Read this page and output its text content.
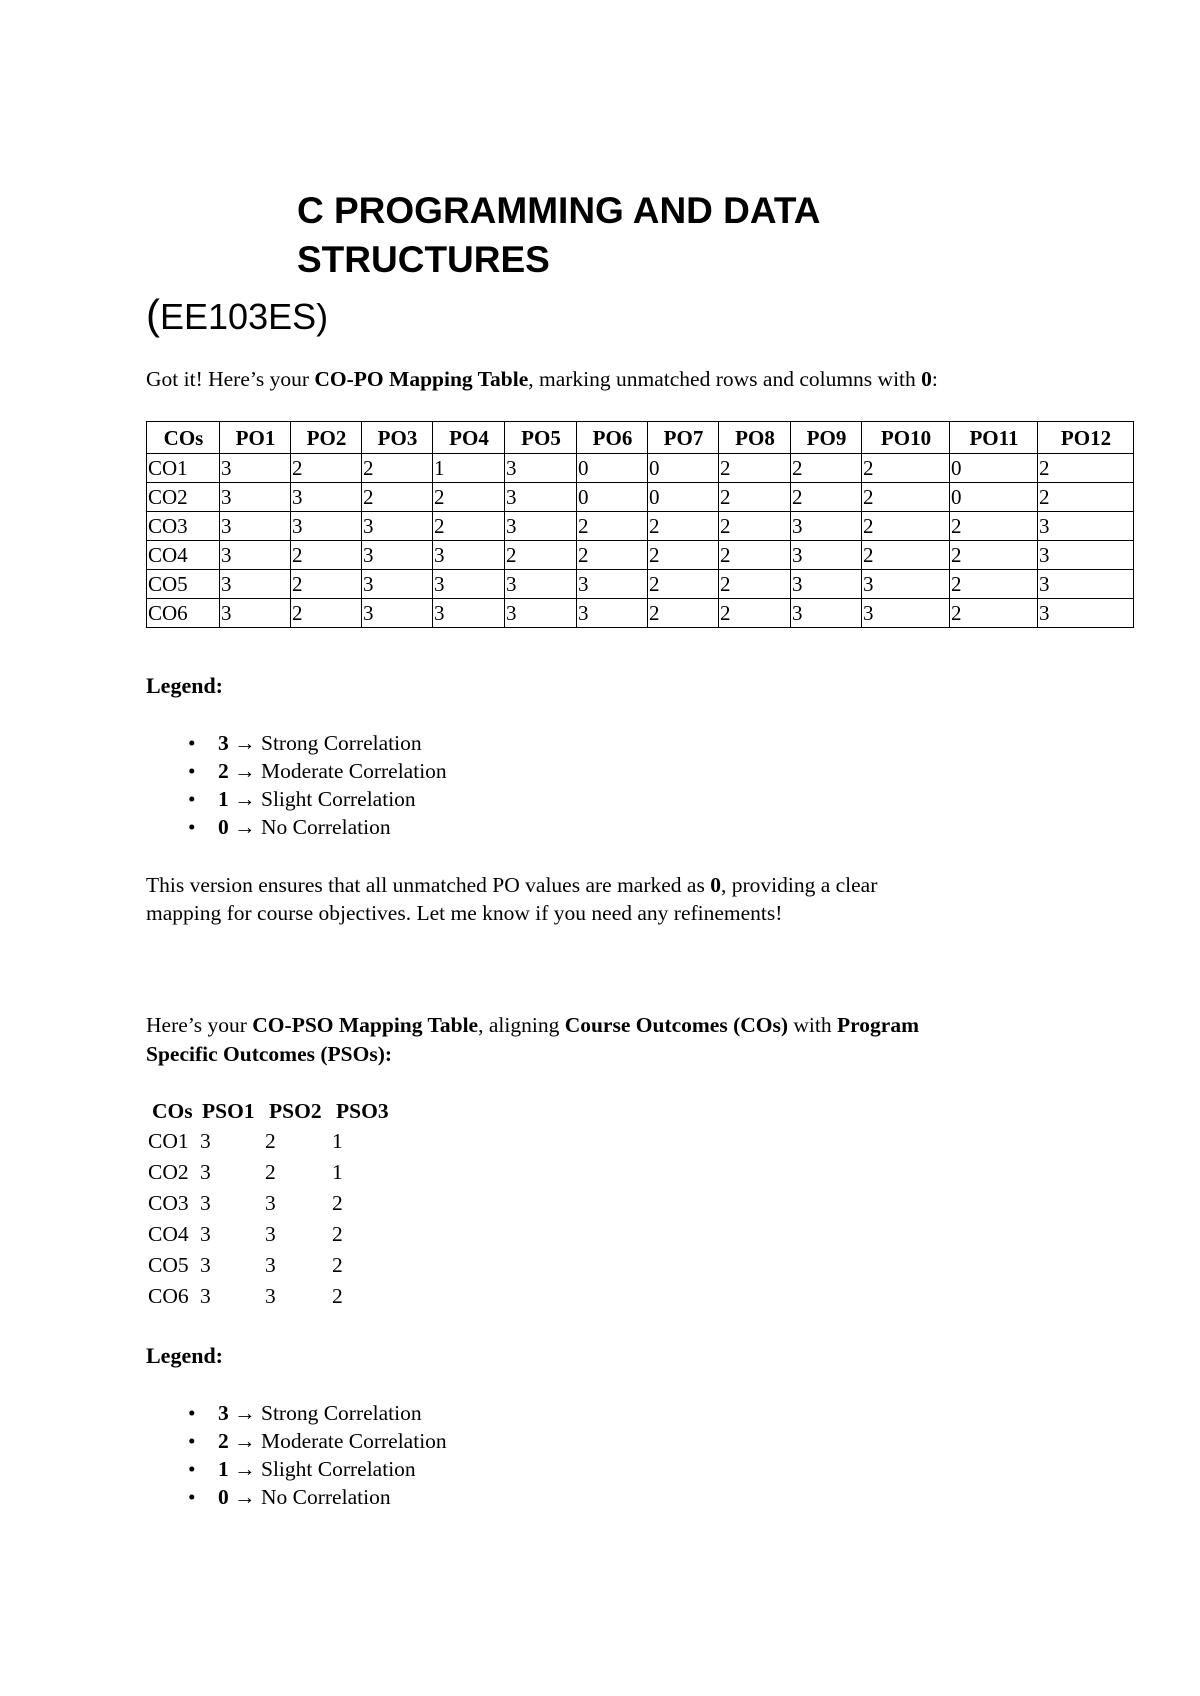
C PROGRAMMING AND DATA STRUCTURES
(EE103ES)
Got it! Here’s your CO-PO Mapping Table, marking unmatched rows and columns with 0:
COs	PO1	PO2	PO3	PO4	PO5	PO6	PO7	PO8	PO9	PO10	PO11	PO12
CO1	3	2	2	1	3	0	0	2	2	2	0	2
CO2	3	3	2	2	3	0	0	2	2	2	0	2
CO3	3	3	3	2	3	2	2	2	3	2	2	3
CO4	3	2	3	3	2	2	2	2	3	2	2	3
CO5	3	2	3	3	3	3	2	2	3	3	2	3
CO6	3	2	3	3	3	3	2	2	3	3	2	3
Legend:
• 3 → Strong Correlation
• 2 → Moderate Correlation
• 1 → Slight Correlation
• 0 → No Correlation
This version ensures that all unmatched PO values are marked as 0, providing a clear
mapping for course objectives. Let me know if you need any refinements!
Here’s your CO-PSO Mapping Table, aligning Course Outcomes (COs) with Program
Specific Outcomes (PSOs):
COs PSO1 PSO2 PSO3
CO1 3	2	1
CO2 3	2	1
CO3 3	3	2
CO4 3	3	2
CO5 3	3	2
CO6 3	3	2
Legend:
• 3 → Strong Correlation
• 2 → Moderate Correlation
• 1 → Slight Correlation
• 0 → No Correlation
